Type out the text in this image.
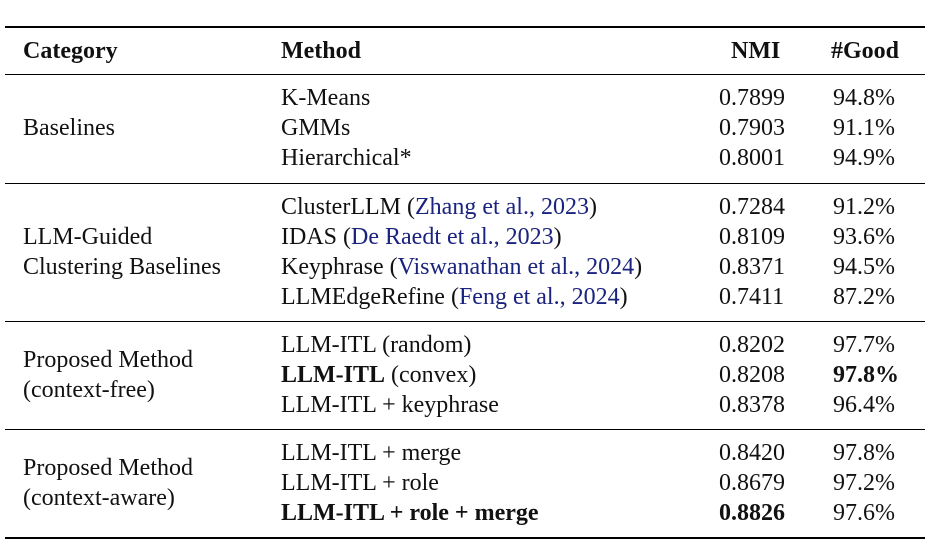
Category	Method	NMI #Good
Baselines
K-Means	0.7899 94.8%
GMMs	0.7903 91.1%
Hierarchical*	0.8001 94.9%
LLM-Guided
Clustering Baselines
ClusterLLM (Zhang et al., 2023)	0.7284 91.2%
IDAS (De Raedt et al., 2023)	0.8109 93.6%
Keyphrase (Viswanathan et al., 2024)	0.8371 94.5%
LLMEdgeRefine (Feng et al., 2024)	0.7411 87.2%
Proposed Method
(context-free)
LLM-ITL (random)	0.8202 97.7%
LLM-ITL (convex)	0.8208 97.8%
LLM-ITL + keyphrase	0.8378 96.4%
Proposed Method
(context-aware)
LLM-ITL + merge	0.8420 97.8%
LLM-ITL + role	0.8679 97.2%
LLM-ITL + role + merge	0.8826 97.6%
